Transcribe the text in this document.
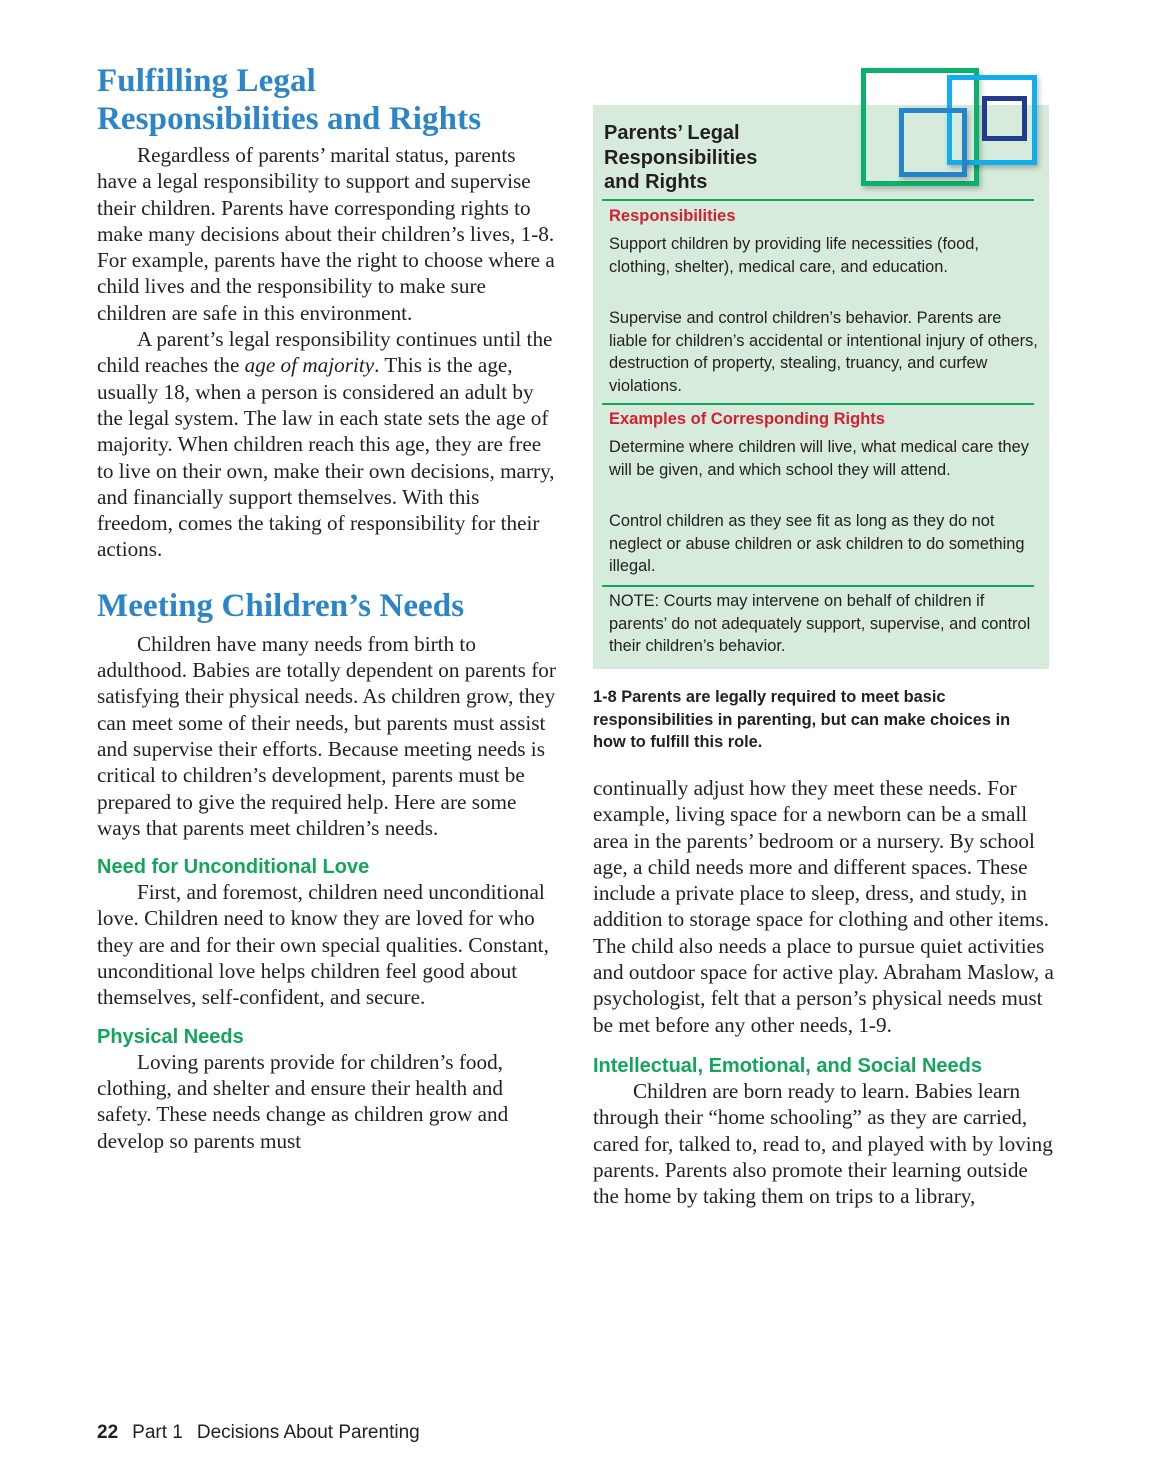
Fulfilling Legal
Responsibilities and Rights

Regardless of parents’ marital status, parents have a legal responsibility to support and supervise their children. Parents have corresponding rights to make many decisions about their children’s lives, 1-8. For example, parents have the right to choose where a child lives and the responsibility to make sure children are safe in this environment.

A parent’s legal responsibility continues until the child reaches the age of majority. This is the age, usually 18, when a person is considered an adult by the legal system. The law in each state sets the age of majority. When children reach this age, they are free to live on their own, make their own decisions, marry, and financially support themselves. With this freedom, comes the taking of responsibility for their actions.

Meeting Children’s Needs

Children have many needs from birth to adulthood. Babies are totally dependent on parents for satisfying their physical needs. As children grow, they can meet some of their needs, but parents must assist and supervise their efforts. Because meeting needs is critical to children’s development, parents must be prepared to give the required help. Here are some ways that parents meet children’s needs.

Need for Unconditional Love

First, and foremost, children need unconditional love. Children need to know they are loved for who they are and for their own special qualities. Constant, unconditional love helps children feel good about themselves, self-confident, and secure.

Physical Needs

Loving parents provide for children’s food, clothing, and shelter and ensure their health and safety. These needs change as children grow and develop so parents must

Parents’ Legal
Responsibilities
and Rights
Responsibilities
Support children by providing life necessities (food, clothing, shelter), medical care, and education.
Supervise and control children’s behavior. Parents are liable for children’s accidental or intentional injury of others, destruction of property, stealing, truancy, and curfew violations.
Examples of Corresponding Rights
Determine where children will live, what medical care they will be given, and which school they will attend.
Control children as they see fit as long as they do not neglect or abuse children or ask children to do something illegal.
NOTE: Courts may intervene on behalf of children if parents’ do not adequately support, supervise, and control their children’s behavior.
1-8 Parents are legally required to meet basic responsibilities in parenting, but can make choices in how to fulfill this role.

continually adjust how they meet these needs. For example, living space for a newborn can be a small area in the parents’ bedroom or a nursery. By school age, a child needs more and different spaces. These include a private place to sleep, dress, and study, in addition to storage space for clothing and other items. The child also needs a place to pursue quiet activities and outdoor space for active play. Abraham Maslow, a psychologist, felt that a person’s physical needs must be met before any other needs, 1-9.

Intellectual, Emotional, and Social Needs

Children are born ready to learn. Babies learn through their “home schooling” as they are carried, cared for, talked to, read to, and played with by loving parents. Parents also promote their learning outside the home by taking them on trips to a library,

22 Part 1 Decisions About Parenting
